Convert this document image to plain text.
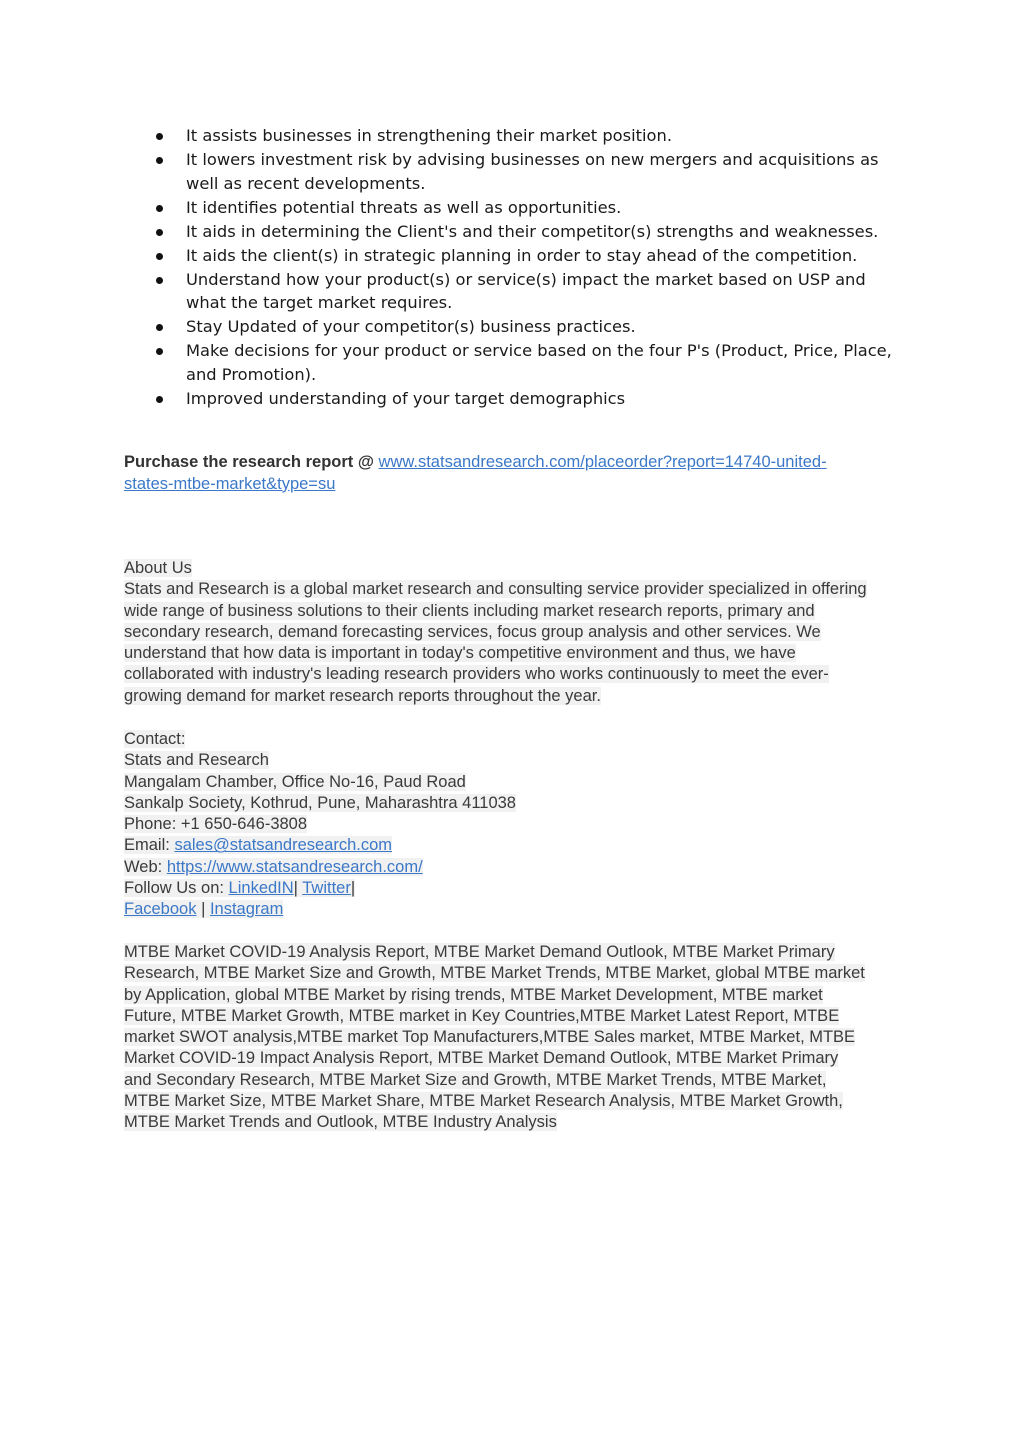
It assists businesses in strengthening their market position.
It lowers investment risk by advising businesses on new mergers and acquisitions as well as recent developments.
It identifies potential threats as well as opportunities.
It aids in determining the Client's and their competitor(s) strengths and weaknesses.
It aids the client(s) in strategic planning in order to stay ahead of the competition.
Understand how your product(s) or service(s) impact the market based on USP and what the target market requires.
Stay Updated of your competitor(s) business practices.
Make decisions for your product or service based on the four P's (Product, Price, Place, and Promotion).
Improved understanding of your target demographics
Purchase the research report @ www.statsandresearch.com/placeorder?report=14740-united-
states-mtbe-market&type=su
About Us
Stats and Research is a global market research and consulting service provider specialized in offering
wide range of business solutions to their clients including market research reports, primary and
secondary research, demand forecasting services, focus group analysis and other services. We
understand that how data is important in today's competitive environment and thus, we have
collaborated with industry's leading research providers who works continuously to meet the ever-
growing demand for market research reports throughout the year.
Contact:
Stats and Research
Mangalam Chamber, Office No-16, Paud Road
Sankalp Society, Kothrud, Pune, Maharashtra 411038
Phone: +1 650-646-3808
Email: sales@statsandresearch.com
Web: https://www.statsandresearch.com/
Follow Us on: LinkedIN| Twitter|
Facebook | Instagram
MTBE Market COVID-19 Analysis Report, MTBE Market Demand Outlook, MTBE Market Primary
Research, MTBE Market Size and Growth, MTBE Market Trends, MTBE Market, global MTBE market
by Application, global MTBE Market by rising trends, MTBE Market Development, MTBE market
Future, MTBE Market Growth, MTBE market in Key Countries,MTBE Market Latest Report, MTBE
market SWOT analysis,MTBE market Top Manufacturers,MTBE Sales market, MTBE Market, MTBE
Market COVID-19 Impact Analysis Report, MTBE Market Demand Outlook, MTBE Market Primary
and Secondary Research, MTBE Market Size and Growth, MTBE Market Trends, MTBE Market,
MTBE Market Size, MTBE Market Share, MTBE Market Research Analysis, MTBE Market Growth,
MTBE Market Trends and Outlook, MTBE Industry Analysis
